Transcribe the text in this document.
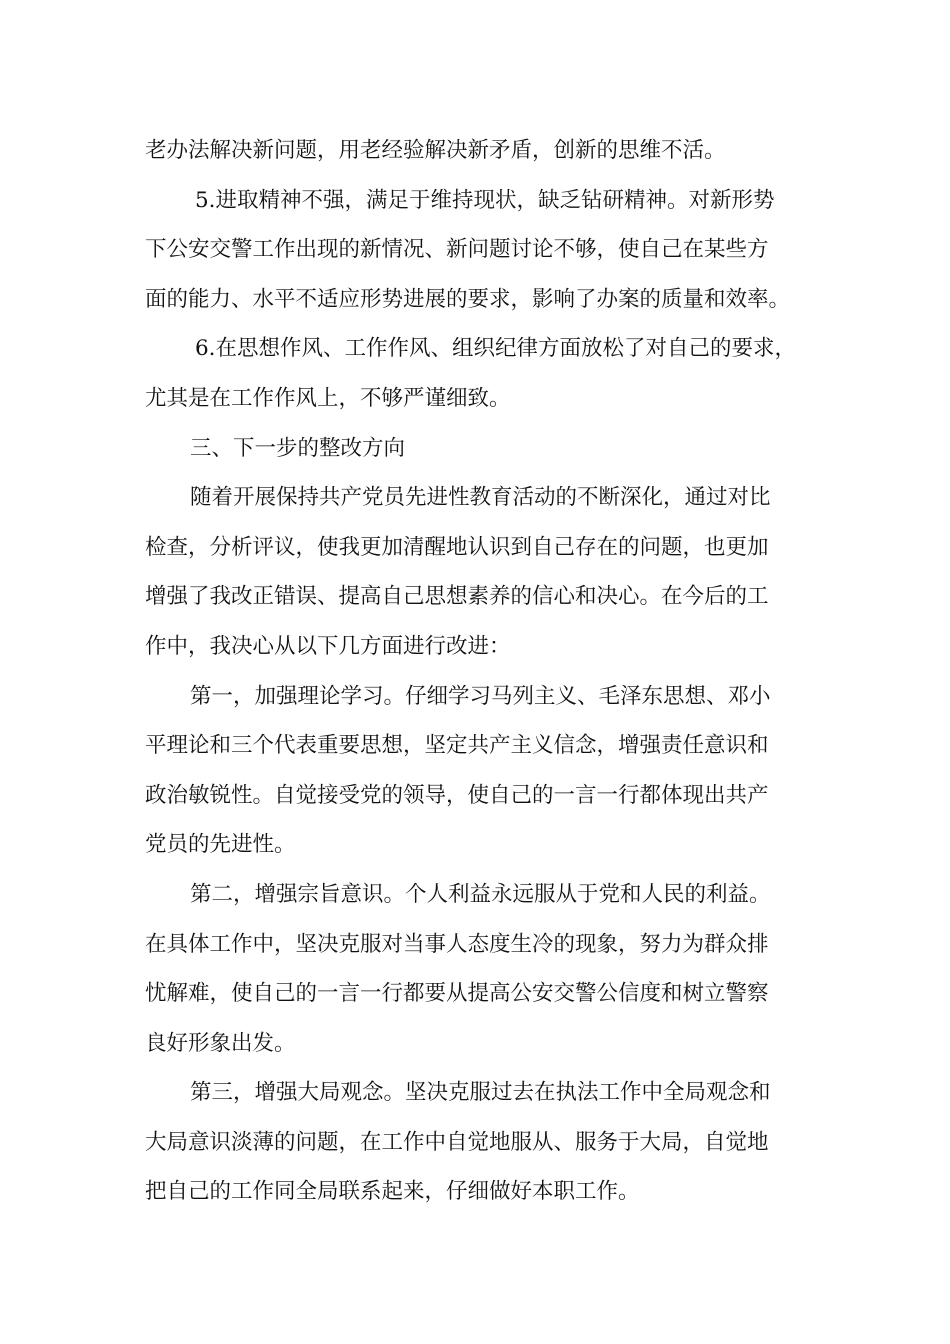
老办法解决新问题，用老经验解决新矛盾，创新的思维不活。
5.进取精神不强，满足于维持现状，缺乏钻研精神。对新形势
下公安交警工作出现的新情况、新问题讨论不够，使自己在某些方
面的能力、水平不适应形势进展的要求，影响了办案的质量和效率。
6.在思想作风、工作作风、组织纪律方面放松了对自己的要求，
尤其是在工作作风上，不够严谨细致。
三、下一步的整改方向
随着开展保持共产党员先进性教育活动的不断深化，通过对比
检查，分析评议，使我更加清醒地认识到自己存在的问题，也更加
增强了我改正错误、提高自己思想素养的信心和决心。在今后的工
作中，我决心从以下几方面进行改进：
第一，加强理论学习。仔细学习马列主义、毛泽东思想、邓小
平理论和三个代表重要思想，坚定共产主义信念，增强责任意识和
政治敏锐性。自觉接受党的领导，使自己的一言一行都体现出共产
党员的先进性。
第二，增强宗旨意识。个人利益永远服从于党和人民的利益。
在具体工作中，坚决克服对当事人态度生冷的现象，努力为群众排
忧解难，使自己的一言一行都要从提高公安交警公信度和树立警察
良好形象出发。
第三，增强大局观念。坚决克服过去在执法工作中全局观念和
大局意识淡薄的问题，在工作中自觉地服从、服务于大局，自觉地
把自己的工作同全局联系起来，仔细做好本职工作。
